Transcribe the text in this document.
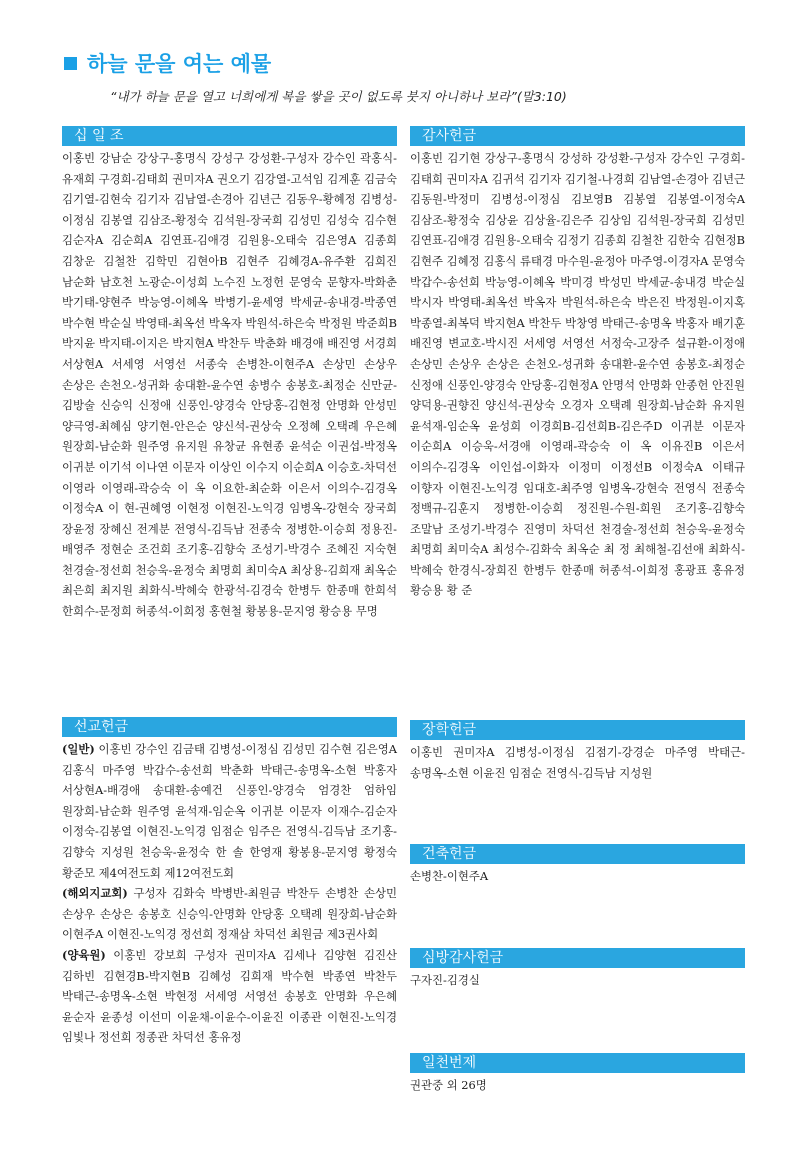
하늘 문을 여는 예물
“내가 하늘 문을 열고 너희에게 복을 쌓을 곳이 없도록 붓지 아니하나 보라”(말3:10)
십 일 조
이홍빈 강남순 강상구-홍명식 강성구 강성환-구성자 강수인 곽홍식-유재희 구경희-김태희 권미자A 권오기 김강열-고석임 김계훈 김금숙 김기열-김현숙 김기자 김남열-손경아 김년근 김동우-황혜정 김병성-이정심 김봉열 김삼조-황정숙 김석원-장국희 김성민 김성숙 김수현 김순자A 김순희A 김연표-김애경 김원용-오태숙 김은영A 김종희 김창운 김철찬 김학민 김현아B 김현주 김혜경A-유주환 김희진 남순화 남호천 노광순-이성희 노수진 노정헌 문영숙 문향자-박화춘 박기태-양현주 박능영-이혜옥 박병기-윤세영 박세균-송내경-박종연 박수현 박순실 박영태-최옥선 박옥자 박원석-하은숙 박정원 박준희B 박지윤 박지태-이지은 박지현A 박찬두 박춘화 배경애 배진영 서경희 서상현A 서세영 서영선 서종숙 손병찬-이현주A 손상민 손상우 손상은 손천오-성귀화 송대환-윤수연 송병수 송봉호-최정순 신만균-김방술 신승익 신정애 신풍인-양경숙 안당홍-김현정 안명화 안성민 양극영-최혜심 양기현-안은순 양신석-권상숙 오정혜 오택례 우은혜 원장희-남순화 원주영 유지원 유창균 유현종 윤석순 이권섭-박정옥 이귀분 이기석 이나연 이문자 이상인 이수지 이순희A 이승호-차덕선 이영라 이영래-곽승숙 이 옥 이요한-최순화 이은서 이의수-김경옥 이정숙A 이 현-권혜영 이현정 이현진-노익경 임병옥-강현숙 장국희 장윤정 장혜신 전계분 전영식-김득남 전종숙 정병한-이승희 정용진-배영주 정현순 조건희 조기홍-김향숙 조성기-박경수 조혜진 지숙현 천경술-정선희 천승욱-윤정숙 최명희 최미숙A 최상용-김희재 최옥순 최은희 최지원 최화식-박혜숙 한광석-김경숙 한병두 한종매 한희석 한희수-문정희 허종석-이희정 홍현철 황봉용-문지영 황승용 무명
선교헌금
(일반) 이홍빈 강수인 김금태 김병성-이정심 김성민 김수현 김은영A 김홍식 마주영 박갑수-송선희 박춘화 박태근-송명옥-소현 박홍자 서상현A-배경애 송대환-송예건 신풍인-양경숙 엄경찬 엄하임 원장희-남순화 원주영 윤석재-임순옥 이귀분 이문자 이재수-김순자 이정숙-김봉열 이현진-노익경 임점순 임주은 전영식-김득남 조기홍-김향숙 지성원 천승욱-윤정숙 한 솔 한영재 황봉용-문지영 황정숙 황준모 제4여전도회 제12여전도회
(해외지교회) 구성자 김화숙 박병반-최원금 박찬두 손병찬 손상민 손상우 손상은 송봉호 신승익-안명화 안당홍 오택례 원장희-남순화 이현주A 이현진-노익경 정선희 정재삼 차덕선 최원금 제3권사회
(양육원) 이홍빈 강보희 구성자 권미자A 김세나 김양현 김진산 김하빈 김현경B-박지현B 김혜성 김희재 박수현 박종연 박찬두 박태근-송명옥-소현 박현정 서세영 서영선 송봉호 안명화 우은혜 윤순자 윤종성 이선미 이윤채-이윤수-이윤진 이종관 이현진-노익경 임빛나 정선희 정종관 차덕선 홍유정
감사헌금
이홍빈 김기현 강상구-홍명식 강성하 강성환-구성자 강수인 구경희-김태희 권미자A 김귀석 김기자 김기철-나경희 김남열-손경아 김년근 김동원-박정미 김병성-이정심 김보영B 김봉열 김봉열-이정숙A 김삼조-황정숙 김상윤 김상율-김은주 김상임 김석원-장국희 김성민 김연표-김애경 김원용-오태숙 김정기 김종희 김철찬 김한숙 김현정B 김현주 김혜정 김홍식 류태경 마수원-윤정아 마주영-이경자A 문영숙 박갑수-송선희 박능영-이혜옥 박미경 박성민 박세균-송내경 박순실 박시자 박영태-최옥선 박옥자 박원석-하은숙 박은진 박정원-이지혹 박종열-최복덕 박지현A 박찬두 박창영 박태근-송명옥 박홍자 배기훈 배진영 변교호-박시진 서세영 서영선 서정숙-고장주 설규환-이정애 손상민 손상우 손상은 손천오-성귀화 송대환-윤수연 송봉호-최정순 신정애 신풍인-양경숙 안당홍-김현정A 안명석 안명화 안종헌 안진원 양덕용-권향진 양신석-권상숙 오경자 오택례 원장희-남순화 유지원 윤석재-임순옥 윤성희 이경희B-김선희B-김은주D 이귀분 이문자 이순희A 이승욱-서경애 이영래-곽승숙 이 옥 이유진B 이은서 이의수-김경옥 이인섭-이화자 이정미 이정선B 이정숙A 이태규 이향자 이현진-노익경 임대호-최주영 임병옥-강현숙 전영식 전종숙 정백규-김훈지 정병한-이승희 정진원-수원-희원 조기홍-김향숙 조말남 조성기-박경수 진영미 차덕선 천경술-정선희 천승욱-윤정숙 최명희 최미숙A 최성수-김화숙 최옥순 최 정 최해철-김선애 최화식-박혜숙 한경식-장희진 한병두 한종매 허종석-이희정 홍광표 홍유정 황승용 황 준
장학헌금
이홍빈 권미자A 김병성-이정심 김점기-강경순 마주영 박태근-송명옥-소현 이윤진 임점순 전영식-김득남 지성원
건축헌금
손병찬-이현주A
심방감사헌금
구자진-김경실
일천번제
권관중 외 26명
